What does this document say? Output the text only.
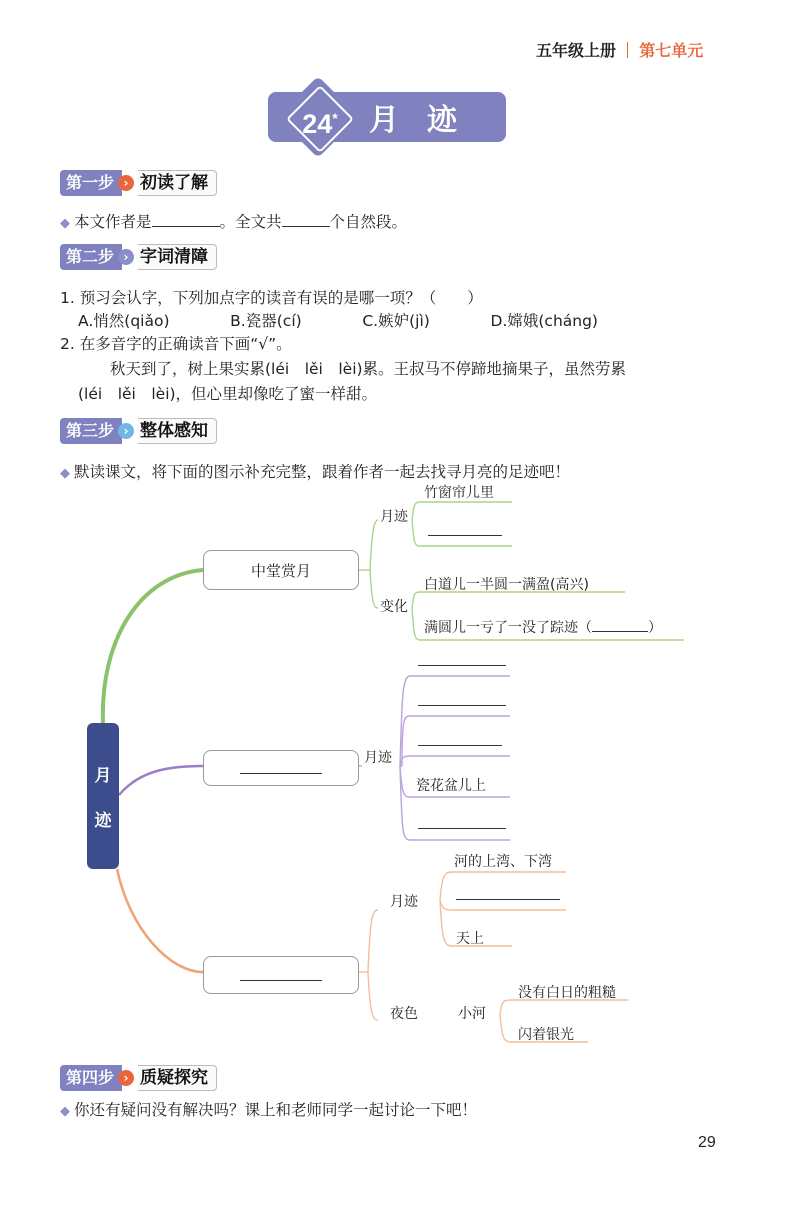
五年级上册 第七单元
月迹
24*
第一步 › 初读了解
◆ 本文作者是	。全文共	个自然段。
第二步 › 字词清障
1. 预习会认字，下列加点字的读音有误的是哪一项？（　　）
A.悄然(qiǎo)	B.瓷器(cí)	C.嫉妒(jì)	D.嫦娥(cháng)
2. 在多音字的正确读音下画“√”。
秋天到了，树上果实累(léi　lěi　lèi)累。王叔马不停蹄地摘果子，虽然劳累
(léi　lěi　lèi)，但心里却像吃了蜜一样甜。
第三步 › 整体感知
◆ 默读课文，将下面的图示补充完整，跟着作者一起去找寻月亮的足迹吧！
月
迹
中堂赏月
月迹
竹窗帘儿里
变化
白道儿一半圆一满盈(高兴)
满圆儿一亏了一没了踪迹（	）
月迹
瓷花盆儿上
月迹
河的上湾、下湾
天上
夜色	小河
没有白日的粗糙
闪着银光
第四步 › 质疑探究
◆ 你还有疑问没有解决吗？课上和老师同学一起讨论一下吧！
29
